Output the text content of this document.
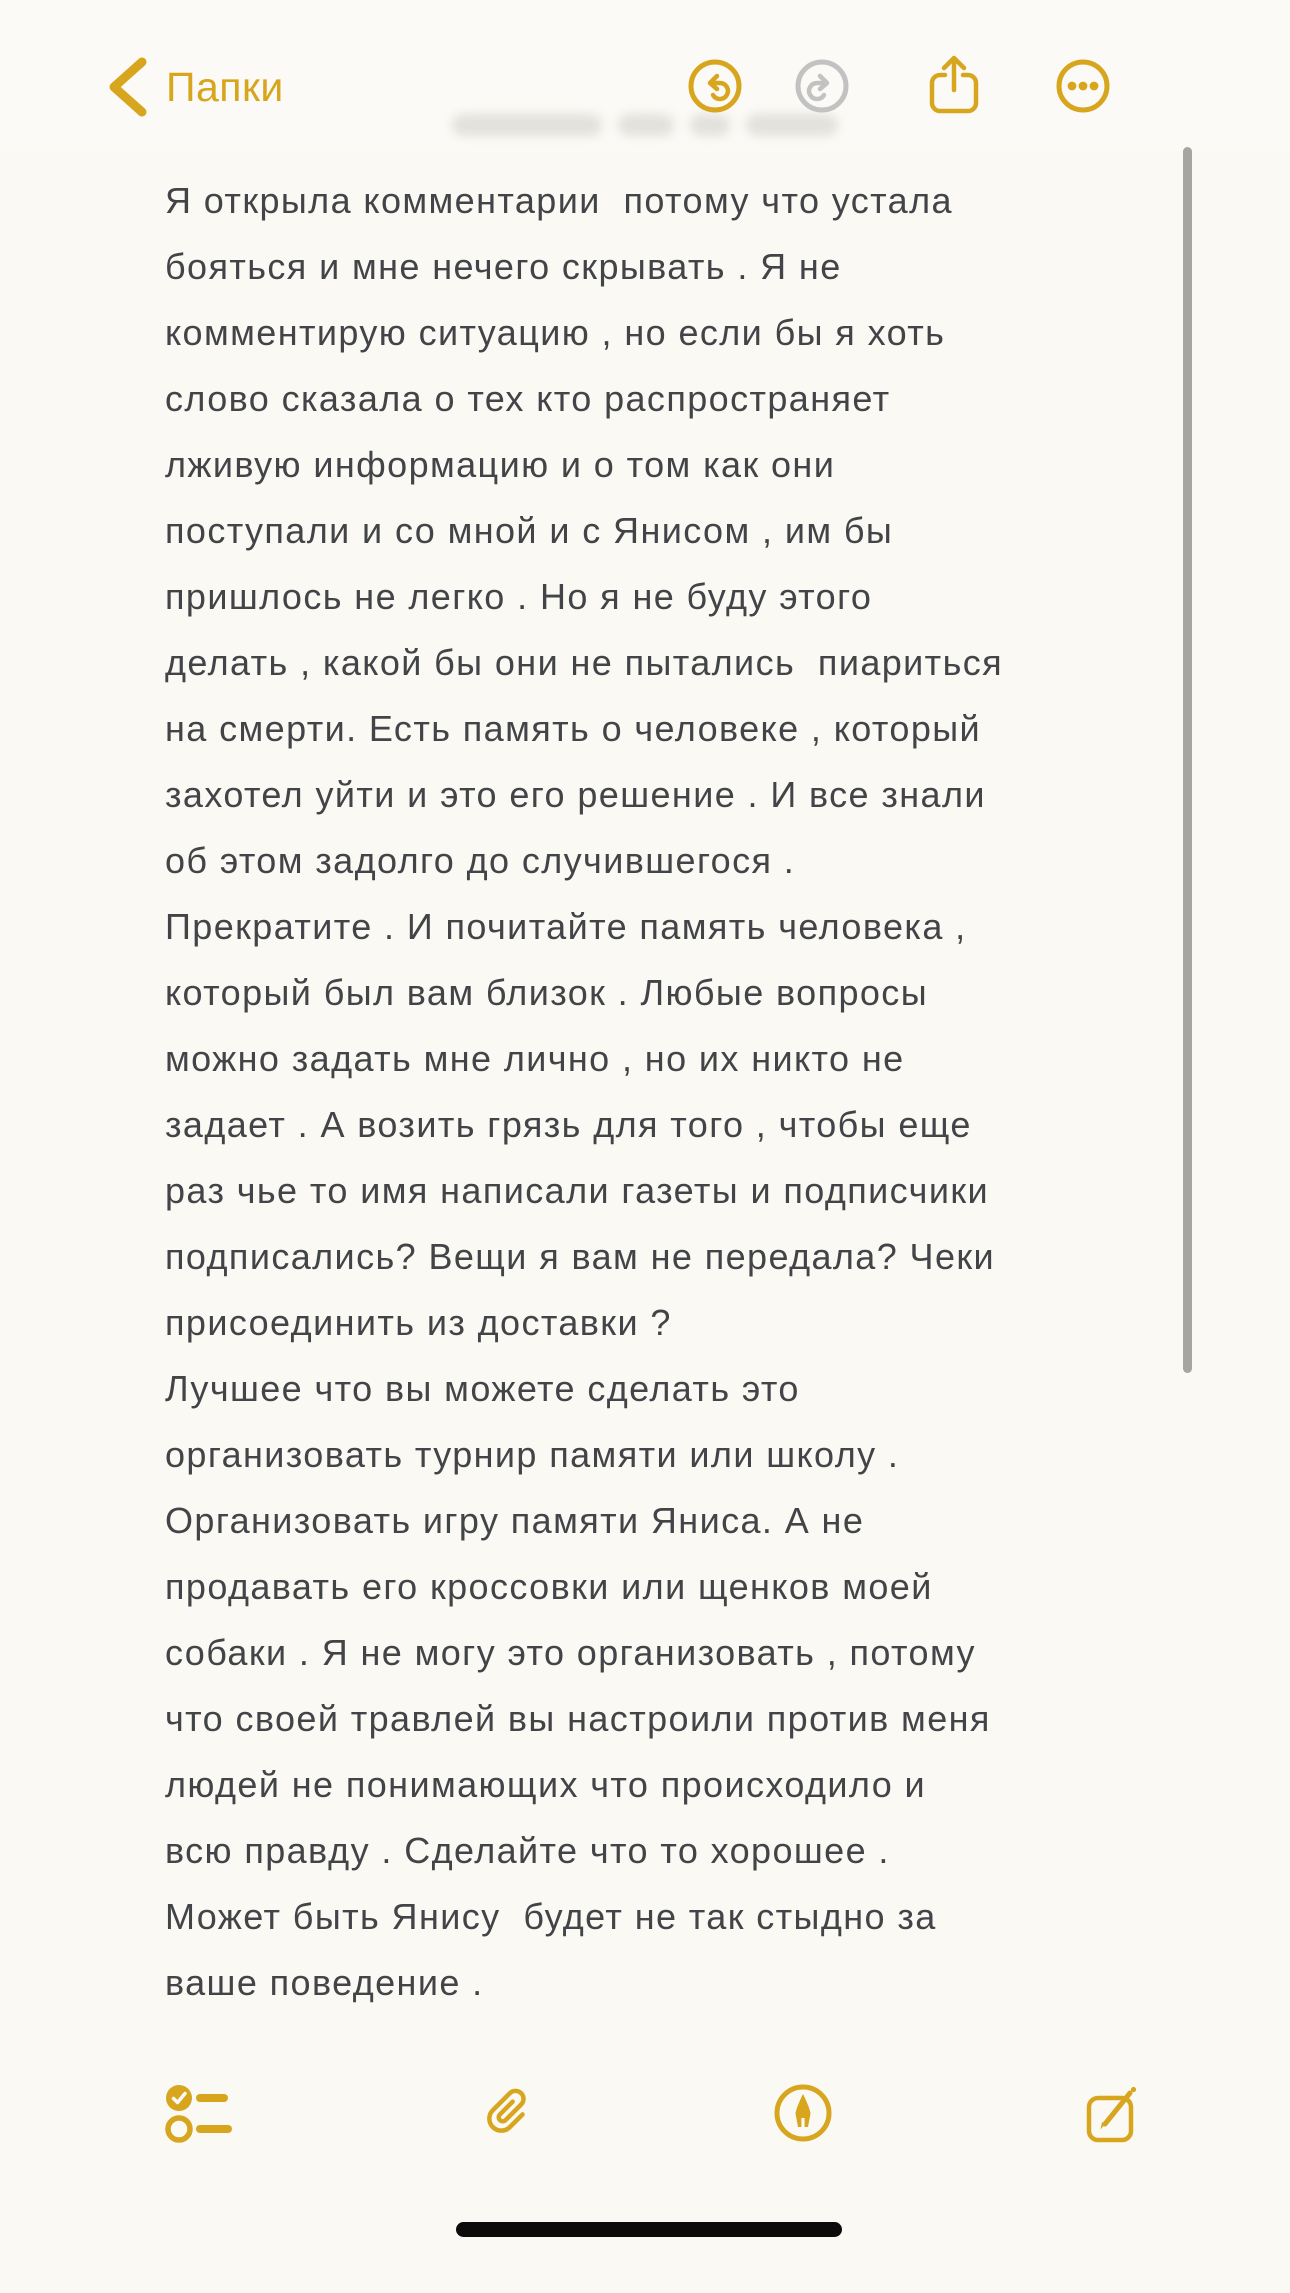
Папки
Я открыла комментарии  потому что устала
бояться и мне нечего скрывать . Я не
комментирую ситуацию , но если бы я хоть
слово сказала о тех кто распространяет
лживую информацию и о том как они
поступали и со мной и с Янисом , им бы
пришлось не легко . Но я не буду этого
делать , какой бы они не пытались  пиариться
на смерти. Есть память о человеке , который
захотел уйти и это его решение . И все знали
об этом задолго до случившегося .
Прекратите . И почитайте память человека ,
который был вам близок . Любые вопросы
можно задать мне лично , но их никто не
задает . А возить грязь для того , чтобы еще
раз чье то имя написали газеты и подписчики
подписались? Вещи я вам не передала? Чеки
присоединить из доставки ?
Лучшее что вы можете сделать это
организовать турнир памяти или школу .
Организовать игру памяти Яниса. А не
продавать его кроссовки или щенков моей
собаки . Я не могу это организовать , потому
что своей травлей вы настроили против меня
людей не понимающих что происходило и
всю правду . Сделайте что то хорошее .
Может быть Янису  будет не так стыдно за
ваше поведение .
